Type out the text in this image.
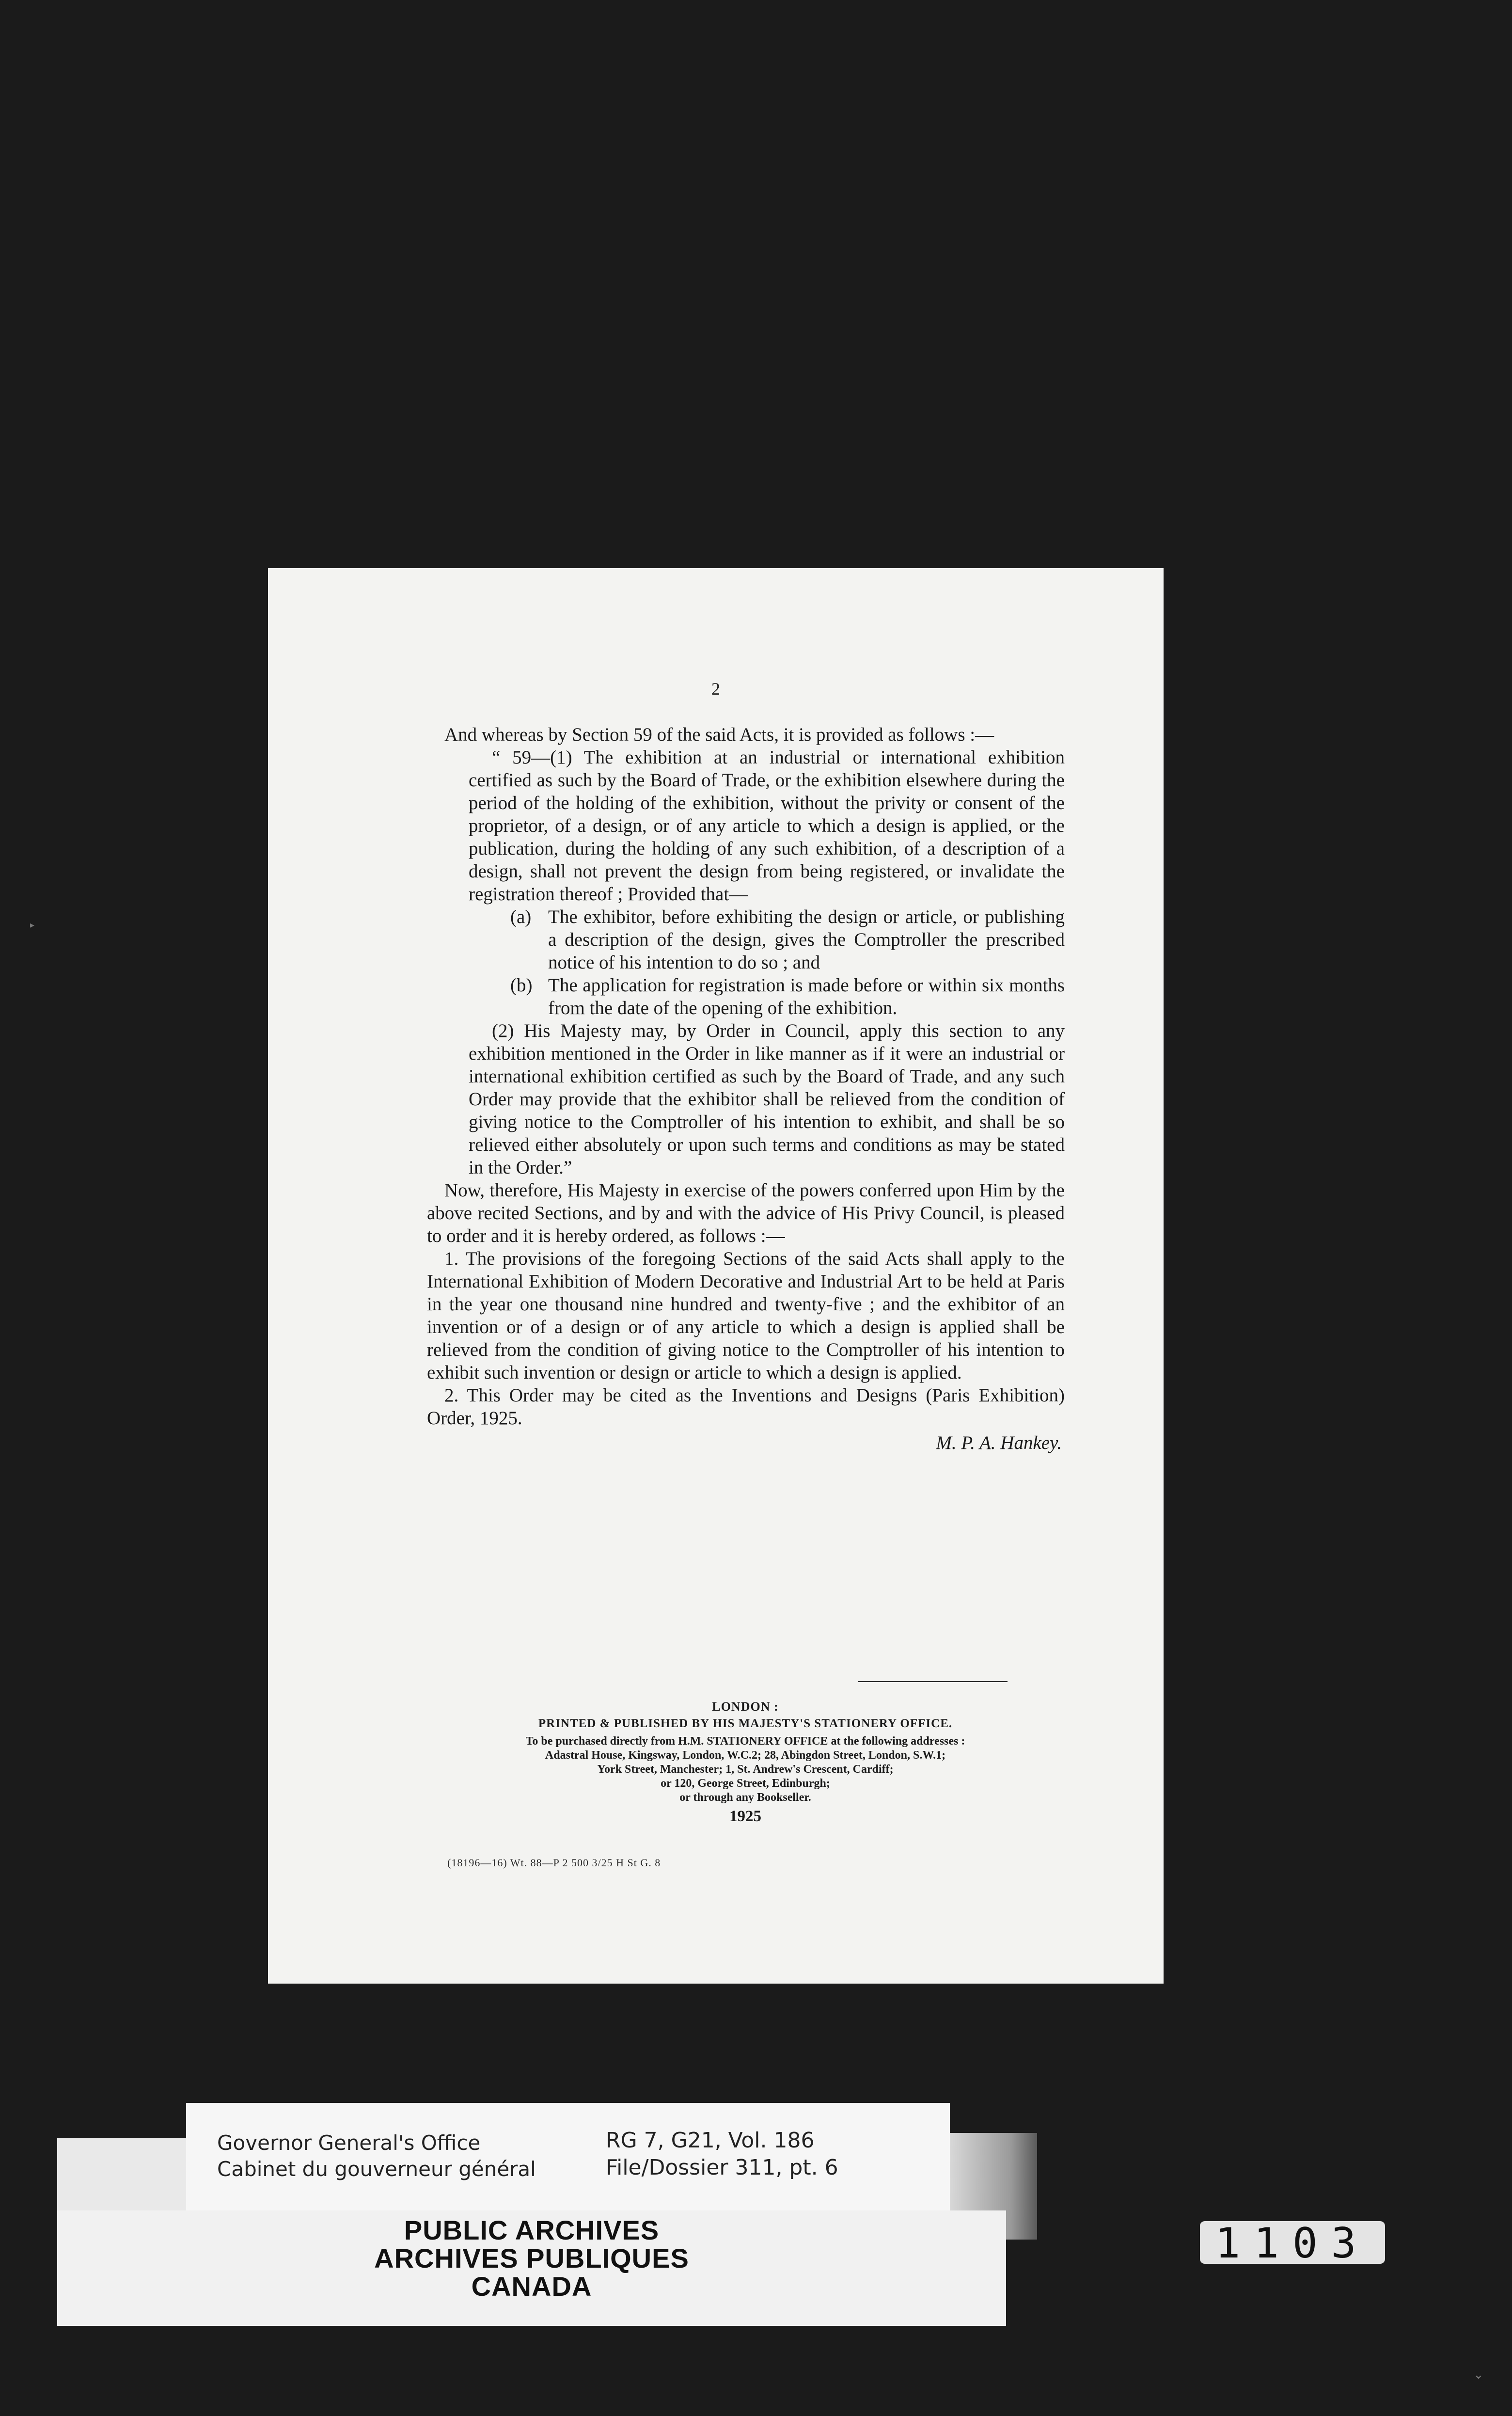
2

And whereas by Section 59 of the said Acts, it is provided as follows :—

“ 59—(1) The exhibition at an industrial or international exhibition certified as such by the Board of Trade, or the exhibition elsewhere during the period of the holding of the exhibition, without the privity or consent of the proprietor, of a design, or of any article to which a design is applied, or the publication, during the holding of any such exhibition, of a description of a design, shall not prevent the design from being registered, or invalidate the registration thereof ; Provided that—

(a) The exhibitor, before exhibiting the design or article, or publishing a description of the design, gives the Comptroller the prescribed notice of his intention to do so ; and

(b) The application for registration is made before or within six months from the date of the opening of the exhibition.

(2) His Majesty may, by Order in Council, apply this section to any exhibition mentioned in the Order in like manner as if it were an industrial or international exhibition certified as such by the Board of Trade, and any such Order may provide that the exhibitor shall be relieved from the condition of giving notice to the Comptroller of his intention to exhibit, and shall be so relieved either absolutely or upon such terms and conditions as may be stated in the Order.”

Now, therefore, His Majesty in exercise of the powers conferred upon Him by the above recited Sections, and by and with the advice of His Privy Council, is pleased to order and it is hereby ordered, as follows :—

1. The provisions of the foregoing Sections of the said Acts shall apply to the International Exhibition of Modern Decorative and Industrial Art to be held at Paris in the year one thousand nine hundred and twenty-five ; and the exhibitor of an invention or of a design or of any article to which a design is applied shall be relieved from the condition of giving notice to the Comptroller of his intention to exhibit such invention or design or article to which a design is applied.

2. This Order may be cited as the Inventions and Designs (Paris Exhibition) Order, 1925.

M. P. A. Hankey.

LONDON :
PRINTED & PUBLISHED BY HIS MAJESTY'S STATIONERY OFFICE.
To be purchased directly from H.M. STATIONERY OFFICE at the following addresses :
Adastral House, Kingsway, London, W.C.2; 28, Abingdon Street, London, S.W.1;
York Street, Manchester; 1, St. Andrew's Crescent, Cardiff;
or 120, George Street, Edinburgh;
or through any Bookseller.
1925
(18196—16) Wt. 88—P 2 500 3/25 H St G. 8
Governor General's Office
Cabinet du gouverneur général
RG 7, G21, Vol. 186
File/Dossier 311, pt. 6
PUBLIC ARCHIVES
ARCHIVES PUBLIQUES
CANADA
1103
▸
⌄
